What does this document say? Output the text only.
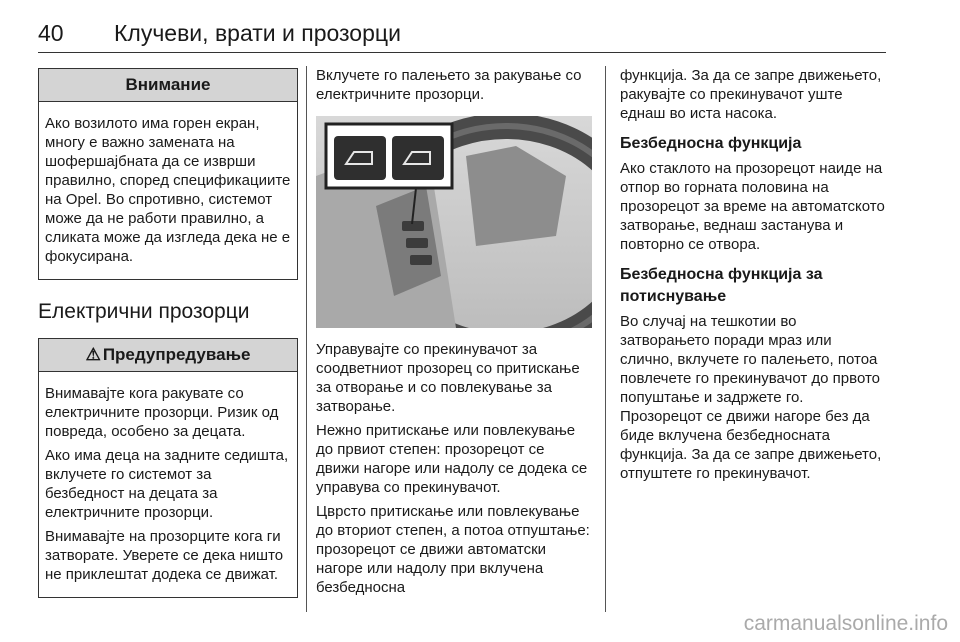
40 Клучеви, врати и прозорци
Внимание

Ако возилото има горен екран, многу е важно замената на шофершајбната да се изврши правилно, според спецификациите на Opel. Во спротивно, системот може да не работи правилно, а сликата може да изгледа дека не е фокусирана.

Електрични прозорци
⚠ Предупредување

Внимавајте кога ракувате со електричните прозорци. Ризик од повреда, особено за децата.

Ако има деца на задните седишта, вклучете го системот за безбедност на децата за електричните прозорци.

Внимавајте на прозорците кога ги затворате. Уверете се дека ништо не приклештат додека се движат.

Вклучете го палењето за ракување со електричните прозорци.

Управувајте со прекинувачот за соодветниот прозорец со притискање за отворање и со повлекување за затворање.

Нежно притискање или повлекување до првиот степен: прозорецот се движи нагоре или надолу се додека се управува со прекинувачот.

Цврсто притискање или повлекување до вториот степен, а потоа отпуштање: прозорецот се движи автоматски нагоре или надолу при вклучена безбедносна

функција. За да се запре движењето, ракувајте со прекинувачот уште еднаш во иста насока.

Безбедносна функција

Ако стаклото на прозорецот наиде на отпор во горната половина на прозорецот за време на автоматското затворање, веднаш застанува и повторно се отвора.

Безбедносна функција за потиснување

Во случај на тешкотии во затворањето поради мраз или слично, вклучете го палењето, потоа повлечете го прекинувачот до првото попуштање и задржете го. Прозорецот се движи нагоре без да биде вклучена безбедносната функција. За да се запре движењето, отпуштете го прекинувачот.

carmanualsonline.info
